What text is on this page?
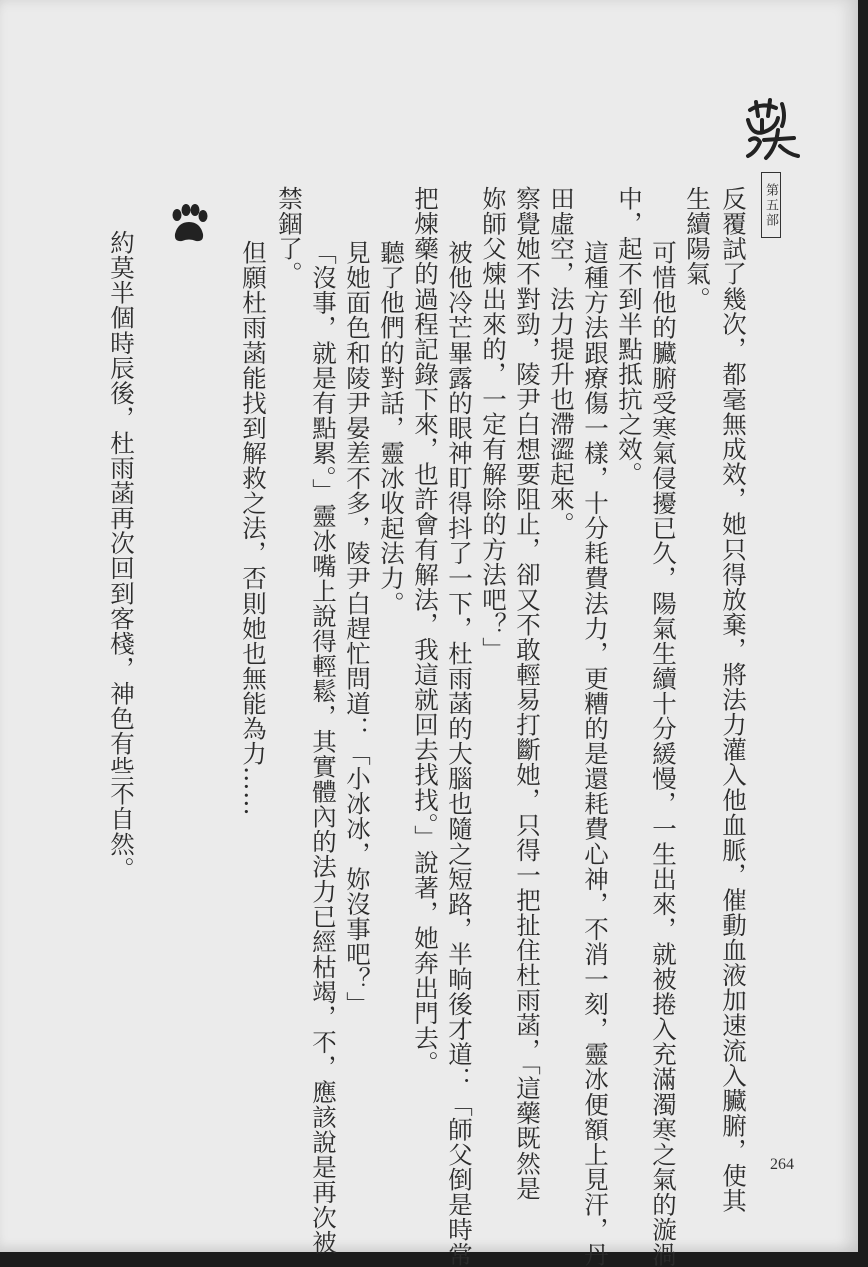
第五部
反覆試了幾次，都毫無成效，她只得放棄，將法力灌入他血脈，催動血液加速流入臟腑，使其
生續陽氣。
可惜他的臟腑受寒氣侵擾已久，陽氣生續十分緩慢，一生出來，就被捲入充滿濁寒之氣的漩渦
中，起不到半點抵抗之效。
這種方法跟療傷一樣，十分耗費法力，更糟的是還耗費心神，不消一刻，靈冰便額上見汗，丹
田虛空，法力提升也滯澀起來。
察覺她不對勁，陵尹白想要阻止，卻又不敢輕易打斷她，只得一把扯住杜雨菡，「這藥既然是
妳師父煉出來的，一定有解除的方法吧？」
被他冷芒畢露的眼神盯得抖了一下，杜雨菡的大腦也隨之短路，半晌後才道：「師父倒是時常
把煉藥的過程記錄下來，也許會有解法，我這就回去找找。」說著，她奔出門去。
聽了他們的對話，靈冰收起法力。
見她面色和陵尹晏差不多，陵尹白趕忙問道：「小冰冰，妳沒事吧？」
「沒事，就是有點累。」靈冰嘴上說得輕鬆，其實體內的法力已經枯竭，不，應該說是再次被
禁錮了。
但願杜雨菡能找到解救之法，否則她也無能為力……
約莫半個時辰後，杜雨菡再次回到客棧，神色有些不自然。
264
